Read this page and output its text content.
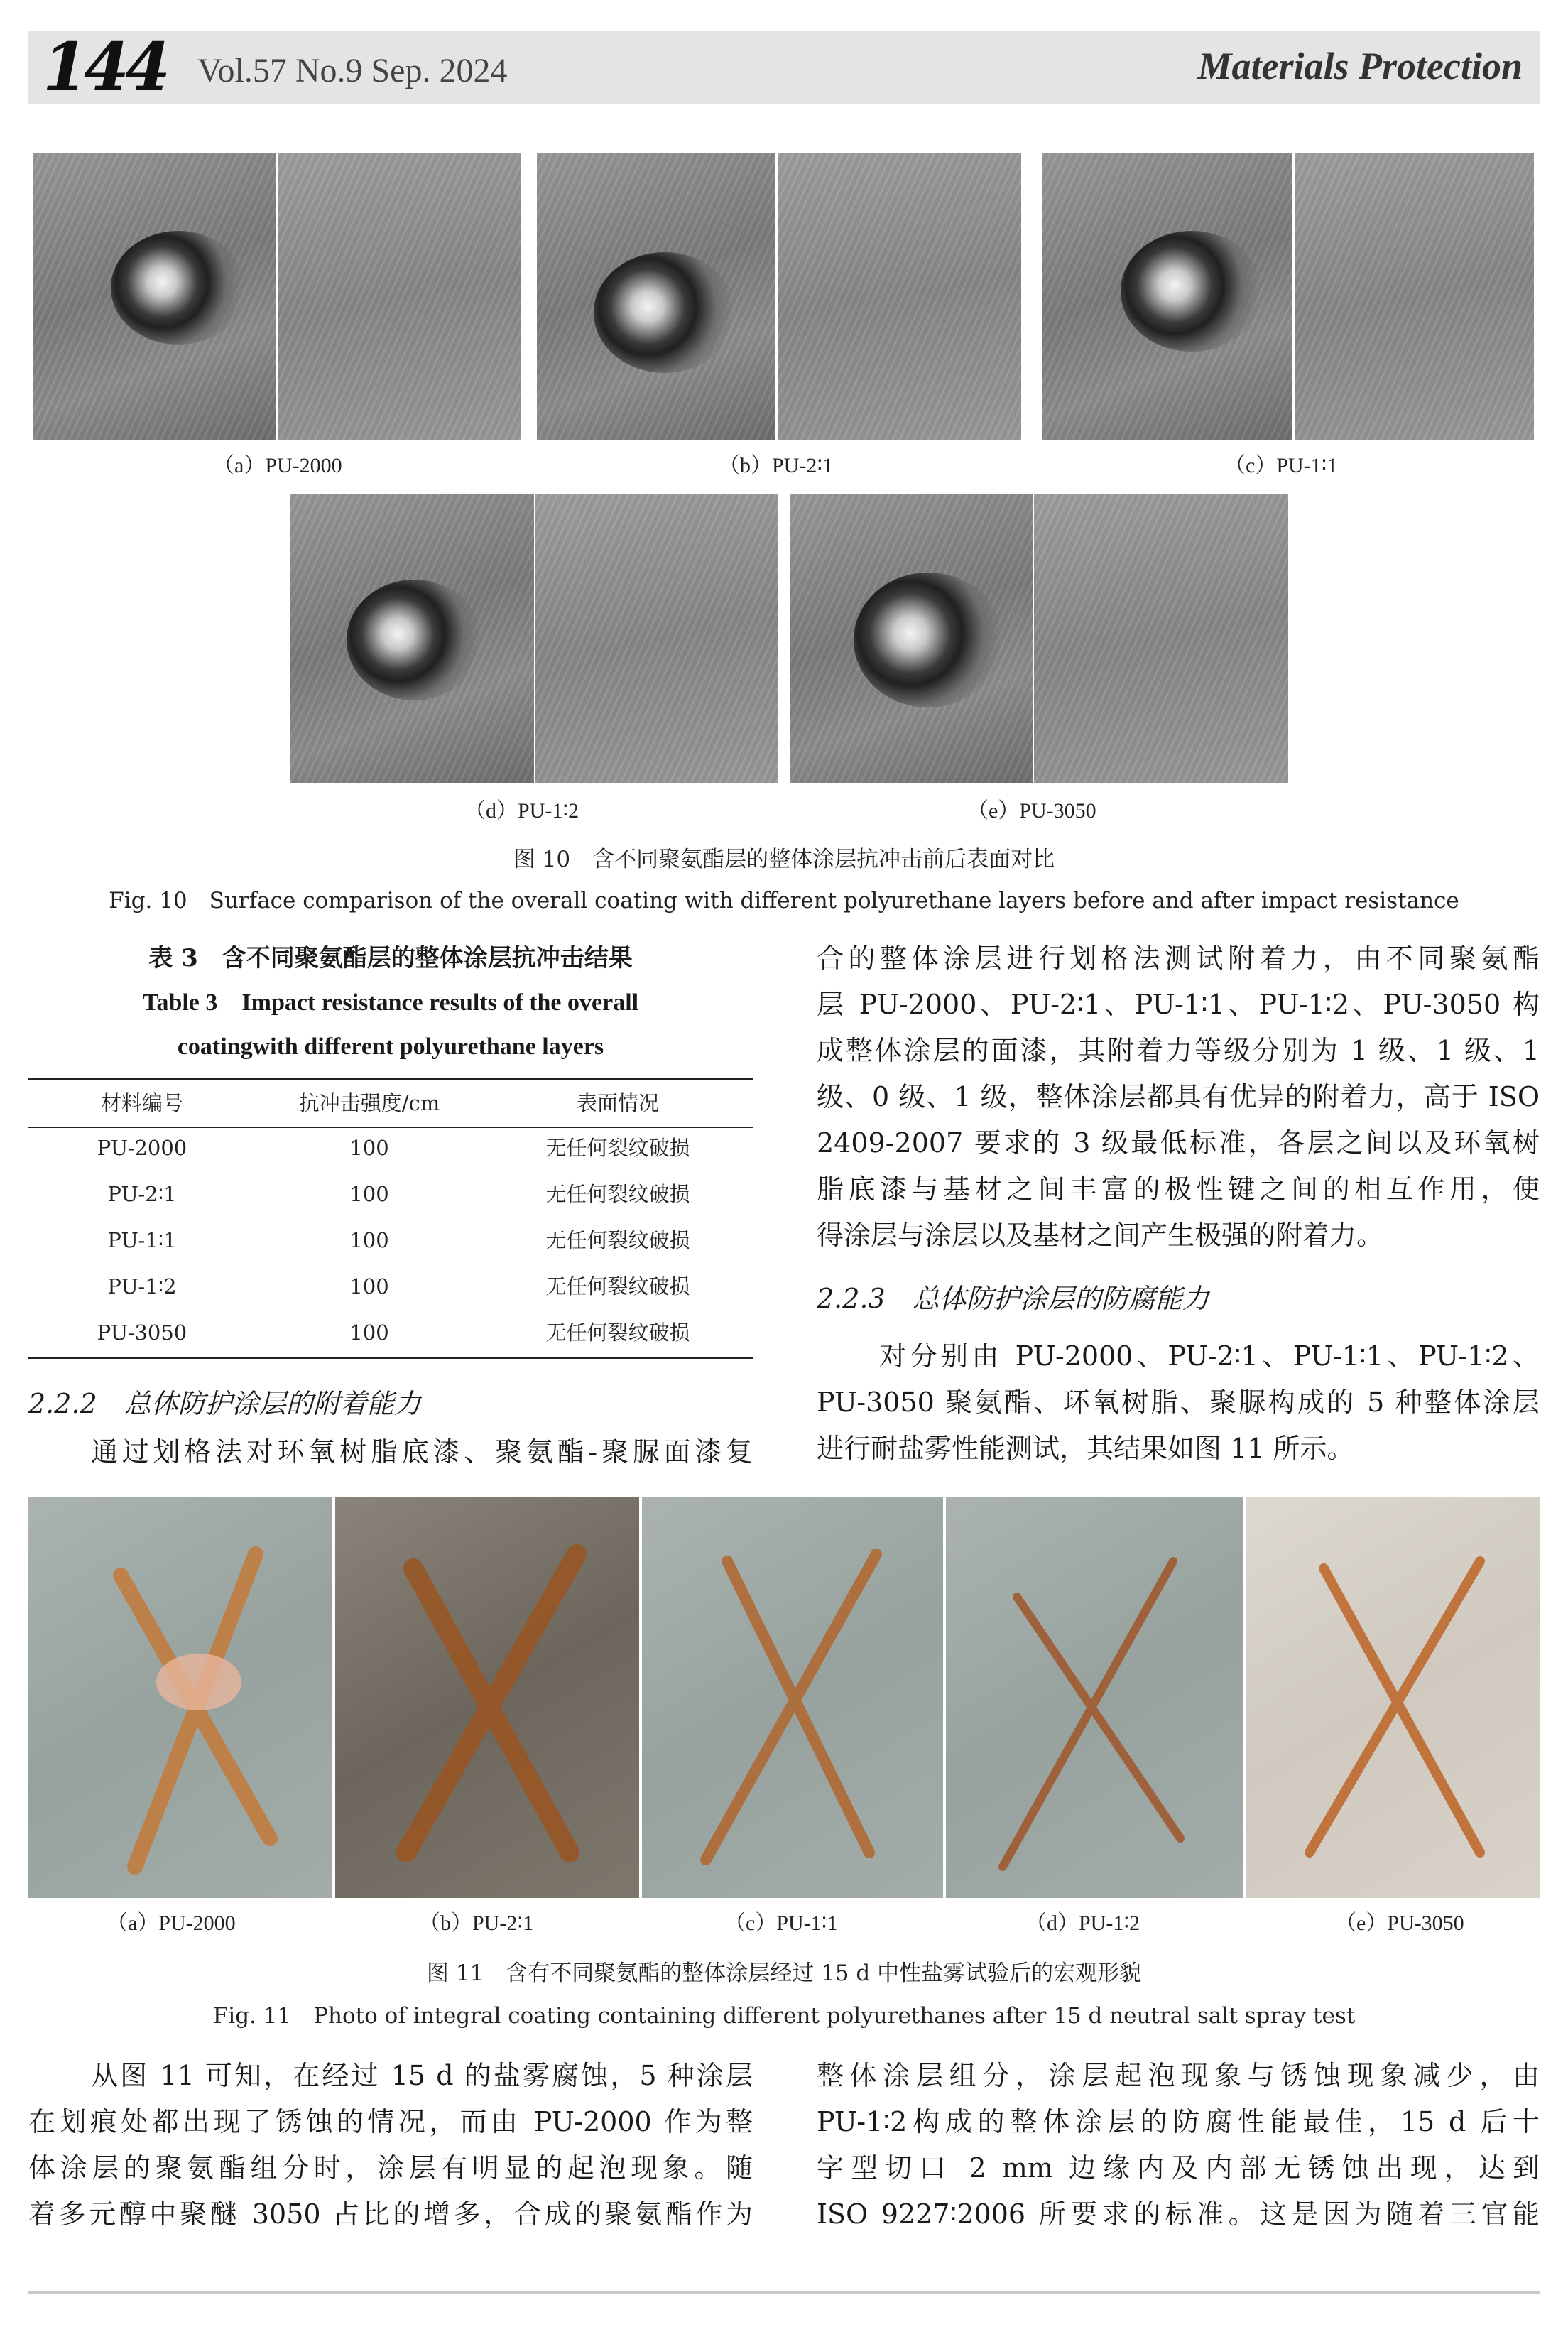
144 Vol.57 No.9 Sep. 2024	Materials Protection
（a）PU-2000	（b）PU-2∶1	（c）PU-1∶1
（d）PU-1∶2	（e）PU-3050
图 10　含不同聚氨酯层的整体涂层抗冲击前后表面对比
Fig. 10　Surface comparison of the overall coating with different polyurethane layers before and after impact resistance
表 3　含不同聚氨酯层的整体涂层抗冲击结果
Table 3　Impact resistance results of the overall
coatingwith different polyurethane layers
材料编号	抗冲击强度/cm	表面情况
PU-2000	100	无任何裂纹破损
PU-2∶1	100	无任何裂纹破损
PU-1∶1	100	无任何裂纹破损
PU-1∶2	100	无任何裂纹破损
PU-3050	100	无任何裂纹破损
2.2.2　总体防护涂层的附着能力
通过划格法对环氧树脂底漆、聚氨酯-聚脲面漆复
合的整体涂层进行划格法测试附着力，由不同聚氨酯
层 PU-2000、PU-2∶1、PU-1∶1、PU-1∶2、PU-3050 构
成整体涂层的面漆，其附着力等级分别为 1 级、1 级、1
级、0 级、1 级，整体涂层都具有优异的附着力，高于 ISO
2409-2007 要求的 3 级最低标准，各层之间以及环氧树
脂底漆与基材之间丰富的极性键之间的相互作用，使
得涂层与涂层以及基材之间产生极强的附着力。
2.2.3　总体防护涂层的防腐能力
对分别由 PU-2000、PU-2∶1、PU-1∶1、PU-1∶2、
PU-3050 聚氨酯、环氧树脂、聚脲构成的 5 种整体涂层
进行耐盐雾性能测试，其结果如图 11 所示。
（a）PU-2000	（b）PU-2∶1	（c）PU-1∶1	（d）PU-1∶2	（e）PU-3050
图 11　含有不同聚氨酯的整体涂层经过 15 d 中性盐雾试验后的宏观形貌
Fig. 11　Photo of integral coating containing different polyurethanes after 15 d neutral salt spray test
从图 11 可知，在经过 15 d 的盐雾腐蚀，5 种涂层
在划痕处都出现了锈蚀的情况，而由 PU-2000 作为整
体涂层的聚氨酯组分时，涂层有明显的起泡现象。随
着多元醇中聚醚 3050 占比的增多，合成的聚氨酯作为
整体涂层组分，涂层起泡现象与锈蚀现象减少，由
PU-1∶2构成的整体涂层的防腐性能最佳，15 d 后十
字型切口 2 mm 边缘内及内部无锈蚀出现，达到
ISO 9227∶2006 所要求的标准。这是因为随着三官能
